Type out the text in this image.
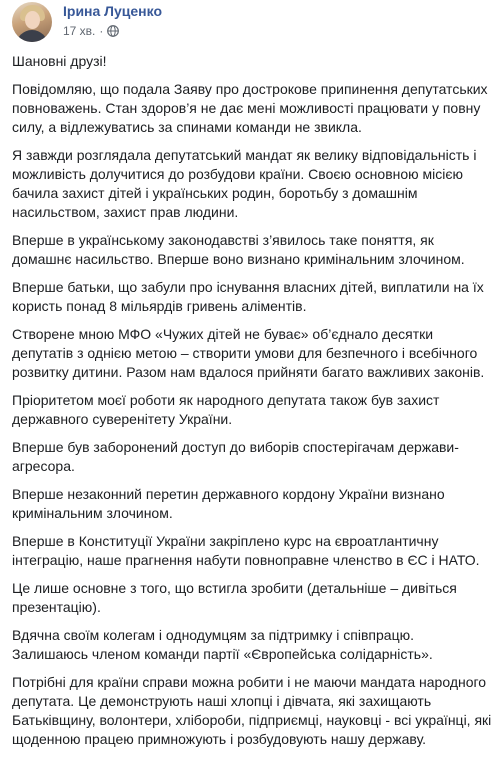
Ірина Луценко
17 хв. ·

Шановні друзі!

Повідомляю, що подала Заяву про дострокове припинення депутатських повноважень. Стан здоров’я не дає мені можливості працювати у повну силу, а відлежуватись за спинами команди не звикла.

Я завжди розглядала депутатський мандат як велику відповідальність і можливість долучитися до розбудови країни. Своєю основною місією бачила захист дітей і українських родин, боротьбу з домашнім насильством, захист прав людини.

Вперше в українському законодавстві з’явилось таке поняття, як домашнє насильство. Вперше воно визнано кримінальним злочином.

Вперше батьки, що забули про існування власних дітей, виплатили на їх користь понад 8 мільярдів гривень аліментів.

Створене мною МФО «Чужих дітей не буває» об’єднало десятки депутатів з однією метою – створити умови для безпечного і всебічного розвитку дитини. Разом нам вдалося прийняти багато важливих законів.

Пріоритетом моєї роботи як народного депутата також був захист державного суверенітету України.

Вперше був заборонений доступ до виборів спостерігачам держави-агресора.

Вперше незаконний перетин державного кордону України визнано кримінальним злочином.

Вперше в Конституції України закріплено курс на євроатлантичну інтеграцію, наше прагнення набути повноправне членство в ЄС і НАТО.

Це лише основне з того, що встигла зробити (детальніше – дивіться презентацію).

Вдячна своїм колегам і однодумцям за підтримку і співпрацю. Залишаюсь членом команди партії «Європейська солідарність».

Потрібні для країни справи можна робити і не маючи мандата народного депутата. Це демонструють наші хлопці і дівчата, які захищають Батьківщину, волонтери, хлібороби, підприємці, науковці - всі українці, які щоденною працею примножують і розбудовують нашу державу.
